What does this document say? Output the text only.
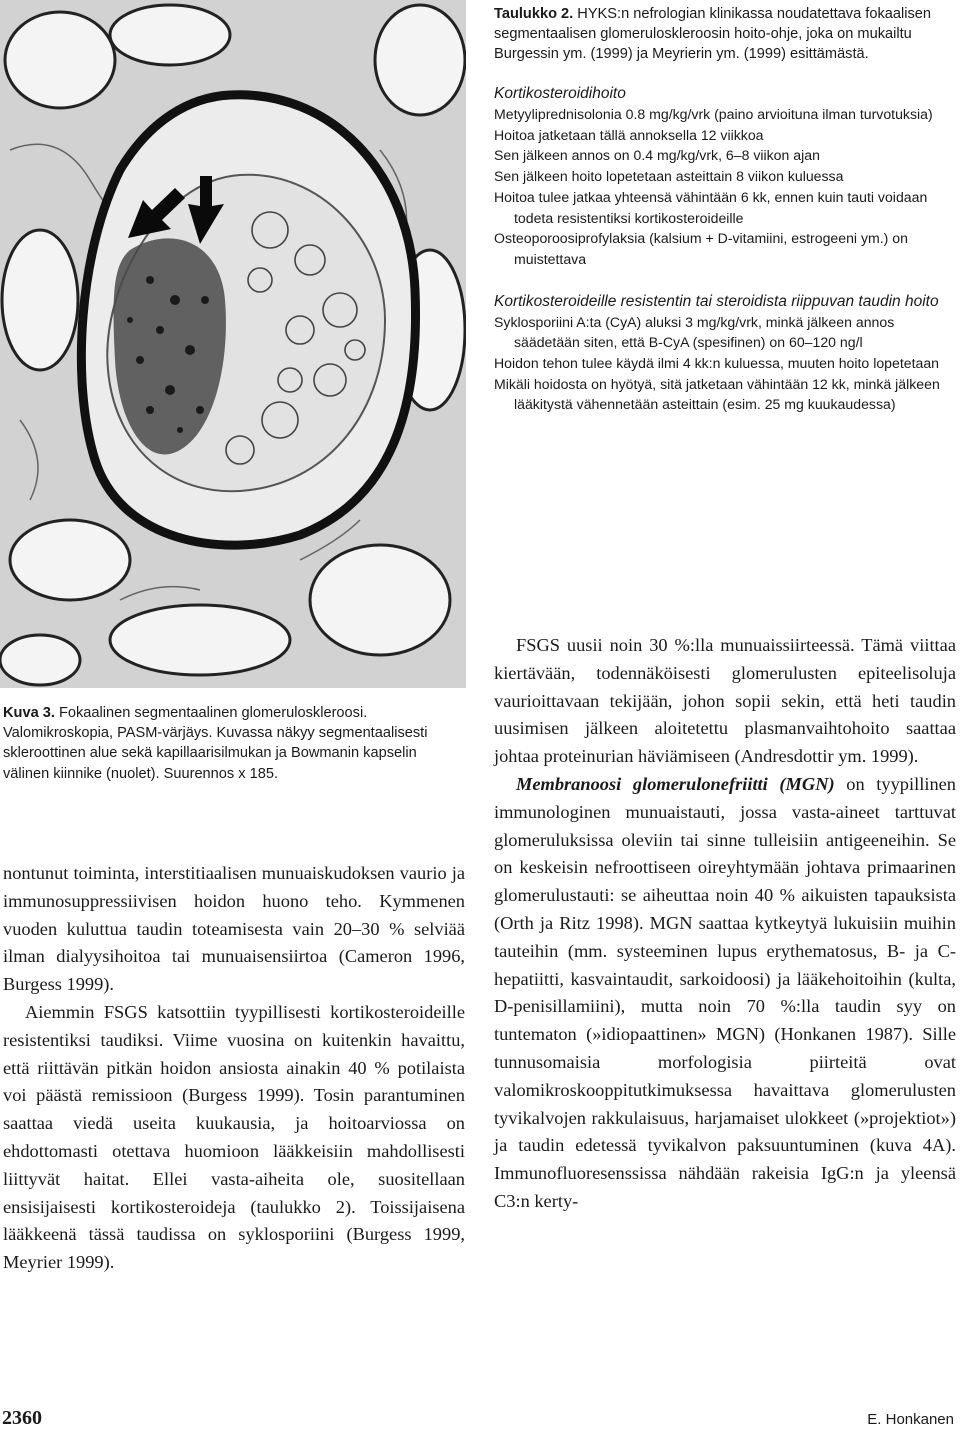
Taulukko 2. HYKS:n nefrologian klinikassa noudatettava fokaalisen segmentaalisen glomeruloskleroosin hoito-ohje, joka on mukailtu Burgessin ym. (1999) ja Meyrierin ym. (1999) esittämästä.

Kortikosteroidihoito

Metyyliprednisolonia 0.8 mg/kg/vrk (paino arvioituna ilman turvotuksia)

Hoitoa jatketaan tällä annoksella 12 viikkoa

Sen jälkeen annos on 0.4 mg/kg/vrk, 6–8 viikon ajan

Sen jälkeen hoito lopetetaan asteittain 8 viikon kuluessa

Hoitoa tulee jatkaa yhteensä vähintään 6 kk, ennen kuin tauti voidaan todeta resistentiksi kortikosteroideille

Osteoporoosiprofylaksia (kalsium + D-vitamiini, estrogeeni ym.) on muistettava

Kortikosteroideille resistentin tai steroidista riippuvan taudin hoito

Syklosporiini A:ta (CyA) aluksi 3 mg/kg/vrk, minkä jälkeen annos säädetään siten, että B-CyA (spesifinen) on 60–120 ng/l

Hoidon tehon tulee käydä ilmi 4 kk:n kuluessa, muuten hoito lopetetaan

Mikäli hoidosta on hyötyä, sitä jatketaan vähintään 12 kk, minkä jälkeen lääkitystä vähennetään asteittain (esim. 25 mg kuukaudessa)

Kuva 3. Fokaalinen segmentaalinen glomeruloskleroosi. Valomikroskopia, PASM-värjäys. Kuvassa näkyy segmentaalisesti skleroottinen alue sekä kapillaarisilmukan ja Bowmanin kapselin välinen kiinnike (nuolet). Suurennos x 185.

nontunut toiminta, interstitiaalisen munuaiskudoksen vaurio ja immunosuppressiivisen hoidon huono teho. Kymmenen vuoden kuluttua taudin toteamisesta vain 20–30 % selviää ilman dialyysihoitoa tai munuaisensiirtoa (Cameron 1996, Burgess 1999).

Aiemmin FSGS katsottiin tyypillisesti kortikosteroideille resistentiksi taudiksi. Viime vuosina on kuitenkin havaittu, että riittävän pitkän hoidon ansiosta ainakin 40 % potilaista voi päästä remissioon (Burgess 1999). Tosin parantuminen saattaa viedä useita kuukausia, ja hoitoarviossa on ehdottomasti otettava huomioon lääkkeisiin mahdollisesti liittyvät haitat. Ellei vasta-aiheita ole, suositellaan ensisijaisesti kortikosteroideja (taulukko 2). Toissijaisena lääkkeenä tässä taudissa on syklosporiini (Burgess 1999, Meyrier 1999).

FSGS uusii noin 30 %:lla munuaissiirteessä. Tämä viittaa kiertävään, todennäköisesti glomerulusten epiteelisoluja vaurioittavaan tekijään, johon sopii sekin, että heti taudin uusimisen jälkeen aloitetettu plasmanvaihtohoito saattaa johtaa proteinurian häviämiseen (Andresdottir ym. 1999).

Membranoosi glomerulonefriitti (MGN) on tyypillinen immunologinen munuaistauti, jossa vasta-aineet tarttuvat glomeruluksissa oleviin tai sinne tulleisiin antigeeneihin. Se on keskeisin nefroottiseen oireyhtymään johtava primaarinen glomerulustauti: se aiheuttaa noin 40 % aikuisten tapauksista (Orth ja Ritz 1998). MGN saattaa kytkeytyä lukuisiin muihin tauteihin (mm. systeeminen lupus erythematosus, B- ja C-hepatiitti, kasvaintaudit, sarkoidoosi) ja lääkehoitoihin (kulta, D-penisillamiini), mutta noin 70 %:lla taudin syy on tuntematon (»idiopaattinen» MGN) (Honkanen 1987). Sille tunnusomaisia morfologisia piirteitä ovat valomikroskooppitutkimuksessa havaittava glomerulusten tyvikalvojen rakkulaisuus, harjamaiset ulokkeet (»projektiot») ja taudin edetessä tyvikalvon paksuuntuminen (kuva 4A). Immunofluoresenssissa nähdään rakeisia IgG:n ja yleensä C3:n kerty-

2360	E. Honkanen
